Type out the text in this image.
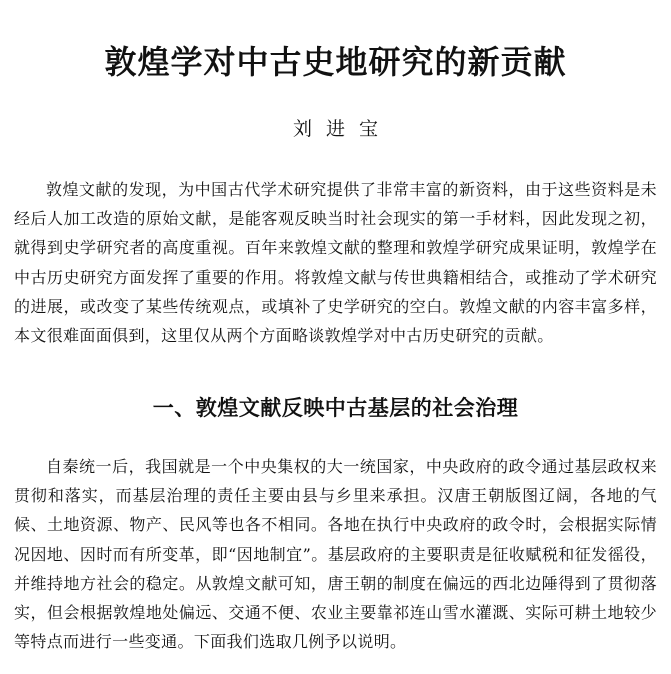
敦煌学对中古史地研究的新贡献
刘进宝

敦煌文献的发现，为中国古代学术研究提供了非常丰富的新资料，由于这些资料是未经后人加工改造的原始文献，是能客观反映当时社会现实的第一手材料，因此发现之初，就得到史学研究者的高度重视。百年来敦煌文献的整理和敦煌学研究成果证明，敦煌学在中古历史研究方面发挥了重要的作用。将敦煌文献与传世典籍相结合，或推动了学术研究的进展，或改变了某些传统观点，或填补了史学研究的空白。敦煌文献的内容丰富多样，本文很难面面俱到，这里仅从两个方面略谈敦煌学对中古历史研究的贡献。

一、敦煌文献反映中古基层的社会治理

自秦统一后，我国就是一个中央集权的大一统国家，中央政府的政令通过基层政权来贯彻和落实，而基层治理的责任主要由县与乡里来承担。汉唐王朝版图辽阔，各地的气候、土地资源、物产、民风等也各不相同。各地在执行中央政府的政令时，会根据实际情况因地、因时而有所变革，即“因地制宜”。基层政府的主要职责是征收赋税和征发徭役，并维持地方社会的稳定。从敦煌文献可知，唐王朝的制度在偏远的西北边陲得到了贯彻落实，但会根据敦煌地处偏远、交通不便、农业主要靠祁连山雪水灌溉、实际可耕土地较少等特点而进行一些变通。下面我们选取几例予以说明。
